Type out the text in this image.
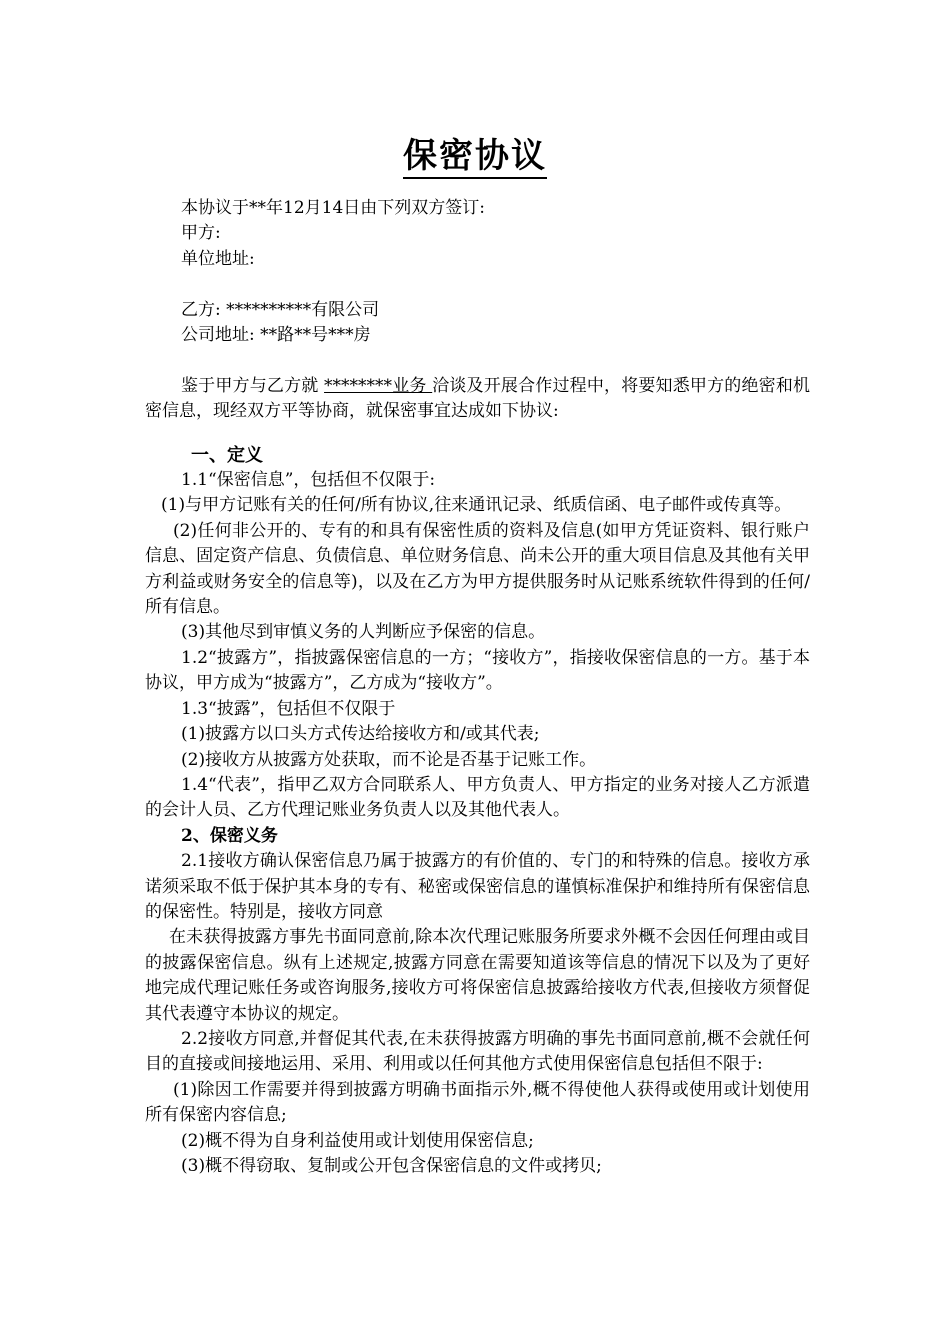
保密协议

本协议于**年12月14日由下列双方签订:

甲方:

单位地址:

乙方: **********有限公司

公司地址: **路**号***房

鉴于甲方与乙方就 ********业务 洽谈及开展合作过程中，将要知悉甲方的绝密和机密信息，现经双方平等协商，就保密事宜达成如下协议:

一、定义

1.1“保密信息”，包括但不仅限于:

(1)与甲方记账有关的任何/所有协议,往来通讯记录、纸质信函、电子邮件或传真等。

(2)任何非公开的、专有的和具有保密性质的资料及信息(如甲方凭证资料、银行账户信息、固定资产信息、负债信息、单位财务信息、尚未公开的重大项目信息及其他有关甲方利益或财务安全的信息等)，以及在乙方为甲方提供服务时从记账系统软件得到的任何/所有信息。

(3)其他尽到审慎义务的人判断应予保密的信息。

1.2“披露方”，指披露保密信息的一方；“接收方”，指接收保密信息的一方。基于本协议，甲方成为“披露方”，乙方成为“接收方”。

1.3“披露”，包括但不仅限于

(1)披露方以口头方式传达给接收方和/或其代表;

(2)接收方从披露方处获取，而不论是否基于记账工作。

1.4“代表”，指甲乙双方合同联系人、甲方负责人、甲方指定的业务对接人乙方派遣的会计人员、乙方代理记账业务负责人以及其他代表人。

2、保密义务

2.1接收方确认保密信息乃属于披露方的有价值的、专门的和特殊的信息。接收方承诺须采取不低于保护其本身的专有、秘密或保密信息的谨慎标准保护和维持所有保密信息的保密性。特别是，接收方同意

在未获得披露方事先书面同意前,除本次代理记账服务所要求外概不会因任何理由或目的披露保密信息。纵有上述规定,披露方同意在需要知道该等信息的情况下以及为了更好地完成代理记账任务或咨询服务,接收方可将保密信息披露给接收方代表,但接收方须督促其代表遵守本协议的规定。

2.2接收方同意,并督促其代表,在未获得披露方明确的事先书面同意前,概不会就任何目的直接或间接地运用、采用、利用或以任何其他方式使用保密信息包括但不限于:

(1)除因工作需要并得到披露方明确书面指示外,概不得使他人获得或使用或计划使用所有保密内容信息;

(2)概不得为自身利益使用或计划使用保密信息;

(3)概不得窃取、复制或公开包含保密信息的文件或拷贝;
